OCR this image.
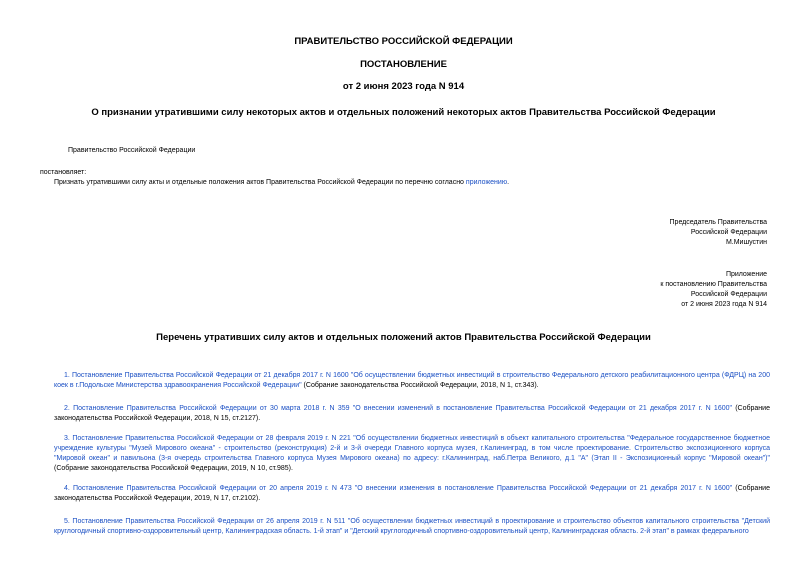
ПРАВИТЕЛЬСТВО РОССИЙСКОЙ ФЕДЕРАЦИИ
ПОСТАНОВЛЕНИЕ
от 2 июня 2023 года N 914
О признании утратившими силу некоторых актов и отдельных положений некоторых актов Правительства Российской Федерации
Правительство Российской Федерации
постановляет:
Признать утратившими силу акты и отдельные положения актов Правительства Российской Федерации по перечню согласно приложению.
Председатель Правительства
Российской Федерации
М.Мишустин
Приложение
к постановлению Правительства
Российской Федерации
от 2 июня 2023 года N 914
Перечень утративших силу актов и отдельных положений актов Правительства Российской Федерации
1. Постановление Правительства Российской Федерации от 21 декабря 2017 г. N 1600 "Об осуществлении бюджетных инвестиций в строительство Федерального детского реабилитационного центра (ФДРЦ) на 200 коек в г.Подольске Министерства здравоохранения Российской Федерации" (Собрание законодательства Российской Федерации, 2018, N 1, ст.343).
2. Постановление Правительства Российской Федерации от 30 марта 2018 г. N 359 "О внесении изменений в постановление Правительства Российской Федерации от 21 декабря 2017 г. N 1600" (Собрание законодательства Российской Федерации, 2018, N 15, ст.2127).
3. Постановление Правительства Российской Федерации от 28 февраля 2019 г. N 221 "Об осуществлении бюджетных инвестиций в объект капитального строительства "Федеральное государственное бюджетное учреждение культуры "Музей Мирового океана" - строительство (реконструкция) 2-й и 3-й очереди Главного корпуса музея, г.Калининград, в том числе проектирование. Строительство экспозиционного корпуса "Мировой океан" и павильона (3-я очередь строительства Главного корпуса Музея Мирового океана) по адресу: г.Калининград, наб.Петра Великого, д.1 "А" (Этап II - Экспозиционный корпус "Мировой океан")" (Собрание законодательства Российской Федерации, 2019, N 10, ст.985).
4. Постановление Правительства Российской Федерации от 20 апреля 2019 г. N 473 "О внесении изменения в постановление Правительства Российской Федерации от 21 декабря 2017 г. N 1600" (Собрание законодательства Российской Федерации, 2019, N 17, ст.2102).
5. Постановление Правительства Российской Федерации от 26 апреля 2019 г. N 511 "Об осуществлении бюджетных инвестиций в проектирование и строительство объектов капитального строительства "Детский круглогодичный спортивно-оздоровительный центр, Калининградская область. 1-й этап" и "Детский круглогодичный спортивно-оздоровительный центр, Калининградская область. 2-й этап" в рамках федерального
